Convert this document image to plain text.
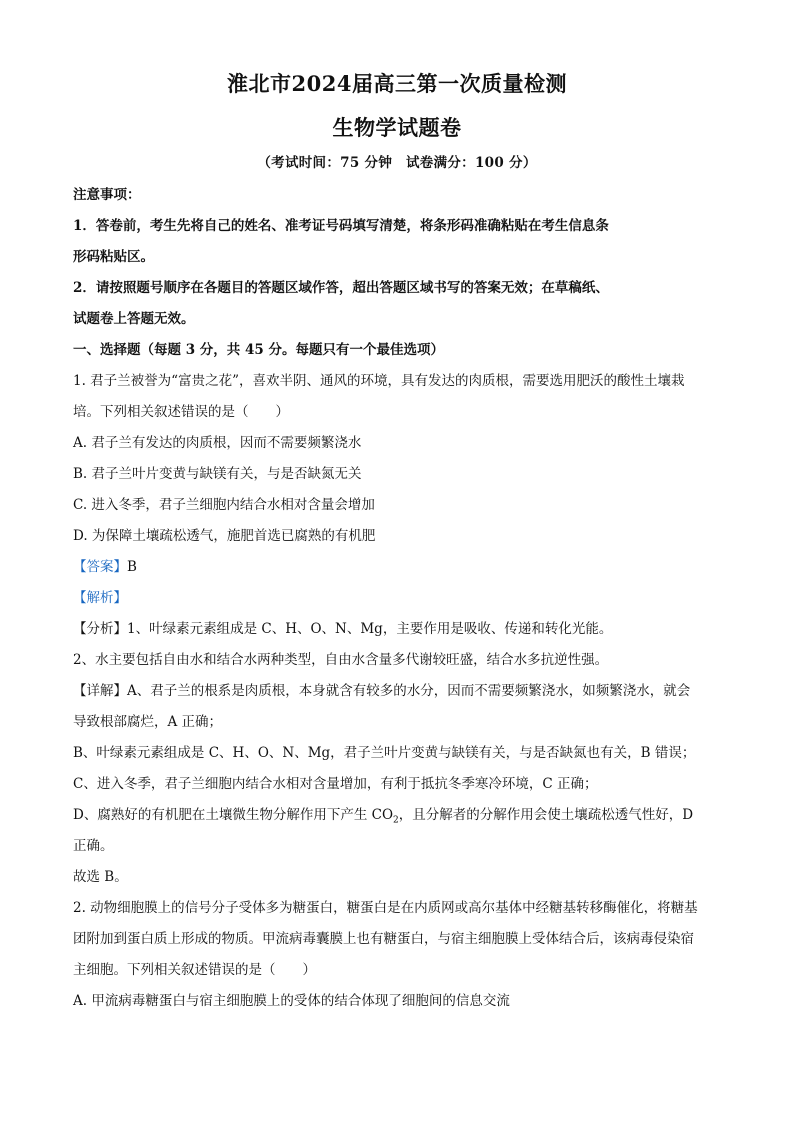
淮北市2024届高三第一次质量检测
生物学试题卷
（考试时间：75 分钟　试卷满分：100 分）
注意事项：
1．答卷前，考生先将自己的姓名、准考证号码填写清楚，将条形码准确粘贴在考生信息条
形码粘贴区。
2．请按照题号顺序在各题目的答题区域作答，超出答题区域书写的答案无效；在草稿纸、
试题卷上答题无效。
一、选择题（每题 3 分，共 45 分。每题只有一个最佳选项）
1. 君子兰被誉为“富贵之花”，喜欢半阴、通风的环境，具有发达的肉质根，需要选用肥沃的酸性土壤栽
培。下列相关叙述错误的是（　　）
A. 君子兰有发达的肉质根，因而不需要频繁浇水
B. 君子兰叶片变黄与缺镁有关，与是否缺氮无关
C. 进入冬季，君子兰细胞内结合水相对含量会增加
D. 为保障土壤疏松透气，施肥首选已腐熟的有机肥
【答案】B
【解析】
【分析】1、叶绿素元素组成是 C、H、O、N、Mg，主要作用是吸收、传递和转化光能。
2、水主要包括自由水和结合水两种类型，自由水含量多代谢较旺盛，结合水多抗逆性强。
【详解】A、君子兰的根系是肉质根，本身就含有较多的水分，因而不需要频繁浇水，如频繁浇水，就会
导致根部腐烂，A 正确；
B、叶绿素元素组成是 C、H、O、N、Mg，君子兰叶片变黄与缺镁有关，与是否缺氮也有关，B 错误；
C、进入冬季，君子兰细胞内结合水相对含量增加，有利于抵抗冬季寒冷环境，C 正确；
D、腐熟好的有机肥在土壤微生物分解作用下产生 $CO_2$，且分解者的分解作用会使土壤疏松透气性好，D
正确。
故选 B。
2. 动物细胞膜上的信号分子受体多为糖蛋白，糖蛋白是在内质网或高尔基体中经糖基转移酶催化，将糖基
团附加到蛋白质上形成的物质。甲流病毒囊膜上也有糖蛋白，与宿主细胞膜上受体结合后，该病毒侵染宿
主细胞。下列相关叙述错误的是（　　）
A. 甲流病毒糖蛋白与宿主细胞膜上的受体的结合体现了细胞间的信息交流
